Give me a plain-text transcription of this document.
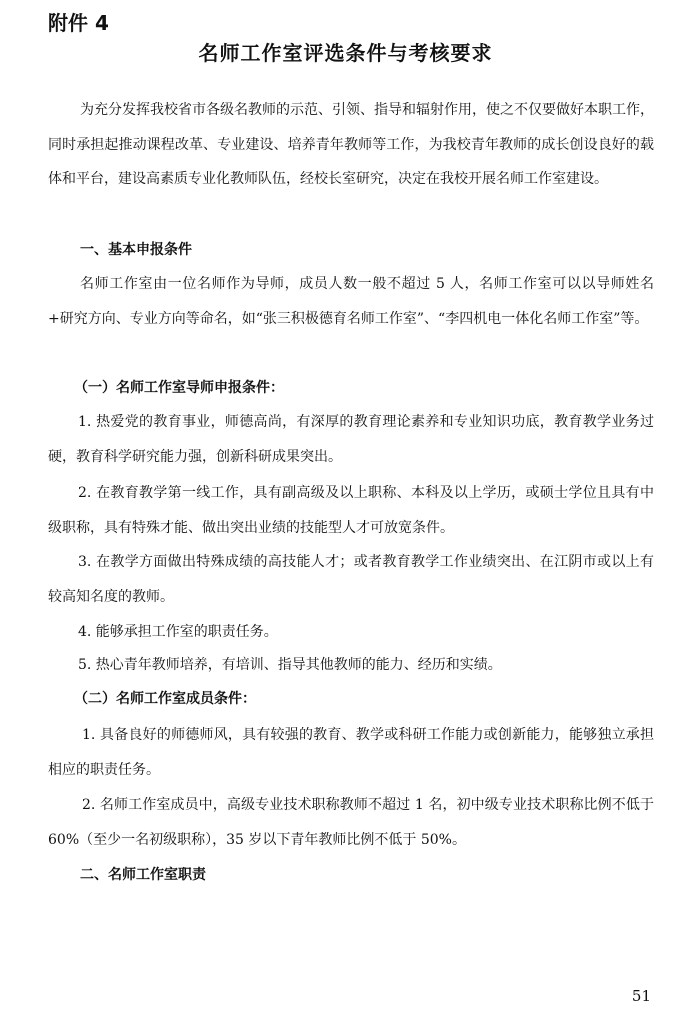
附件 4
名师工作室评选条件与考核要求

为充分发挥我校省市各级名教师的示范、引领、指导和辐射作用，使之不仅要做好本职工作，同时承担起推动课程改革、专业建设、培养青年教师等工作，为我校青年教师的成长创设良好的载体和平台，建设高素质专业化教师队伍，经校长室研究，决定在我校开展名师工作室建设。

一、基本申报条件

名师工作室由一位名师作为导师，成员人数一般不超过 5 人，名师工作室可以以导师姓名+研究方向、专业方向等命名，如“张三积极德育名师工作室”、“李四机电一体化名师工作室”等。

（一）名师工作室导师申报条件：

1. 热爱党的教育事业，师德高尚，有深厚的教育理论素养和专业知识功底，教育教学业务过硬，教育科学研究能力强，创新科研成果突出。

2. 在教育教学第一线工作，具有副高级及以上职称、本科及以上学历，或硕士学位且具有中级职称，具有特殊才能、做出突出业绩的技能型人才可放宽条件。

3. 在教学方面做出特殊成绩的高技能人才；或者教育教学工作业绩突出、在江阴市或以上有较高知名度的教师。

4. 能够承担工作室的职责任务。

5. 热心青年教师培养，有培训、指导其他教师的能力、经历和实绩。

（二）名师工作室成员条件：

1. 具备良好的师德师风，具有较强的教育、教学或科研工作能力或创新能力，能够独立承担相应的职责任务。

2. 名师工作室成员中，高级专业技术职称教师不超过 1 名，初中级专业技术职称比例不低于 60%（至少一名初级职称），35 岁以下青年教师比例不低于 50%。

二、名师工作室职责
51
